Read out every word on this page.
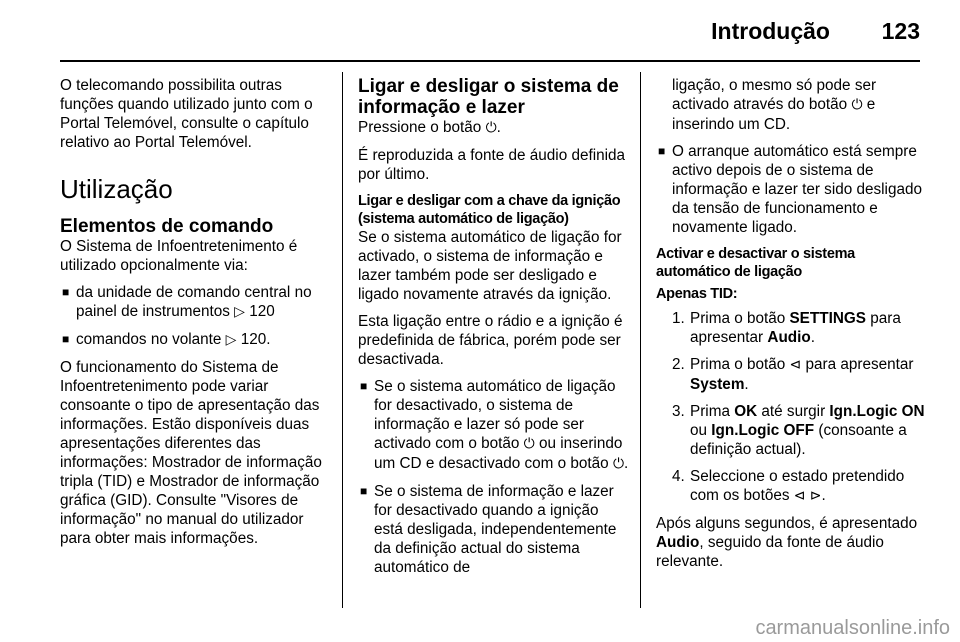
Introdução 123

O telecomando possibilita outras funções quando utilizado junto com o Portal Telemóvel, consulte o capítulo relativo ao Portal Telemóvel.

Utilização
Elementos de comando

O Sistema de Infoentretenimento é utilizado opcionalmente via:

■ da unidade de comando central no painel de instrumentos ▷ 120
■ comandos no volante ▷ 120.

O funcionamento do Sistema de Infoentretenimento pode variar consoante o tipo de apresentação das informações. Estão disponíveis duas apresentações diferentes das informações: Mostrador de informação tripla (TID) e Mostrador de informação gráfica (GID). Consulte "Visores de informação" no manual do utilizador para obter mais informações.

Ligar e desligar o sistema de informação e lazer

Pressione o botão ⏻.

É reproduzida a fonte de áudio definida por último.

Ligar e desligar com a chave da ignição (sistema automático de ligação)

Se o sistema automático de ligação for activado, o sistema de informação e lazer também pode ser desligado e ligado novamente através da ignição.

Esta ligação entre o rádio e a ignição é predefinida de fábrica, porém pode ser desactivada.

■ Se o sistema automático de ligação for desactivado, o sistema de informação e lazer só pode ser activado com o botão ⏻ ou inserindo um CD e desactivado com o botão ⏻.
■ Se o sistema de informação e lazer for desactivado quando a ignição está desligada, independentemente da definição actual do sistema automático de

ligação, o mesmo só pode ser activado através do botão ⏻ e inserindo um CD.

■ O arranque automático está sempre activo depois de o sistema de informação e lazer ter sido desligado da tensão de funcionamento e novamente ligado.
Activar e desactivar o sistema automático de ligação
Apenas TID:
1. Prima o botão SETTINGS para apresentar Audio.
2. Prima o botão ⊲ para apresentar System.
3. Prima OK até surgir Ign.Logic ON ou Ign.Logic OFF (consoante a definição actual).
4. Seleccione o estado pretendido com os botões ⊲ ⊳.

Após alguns segundos, é apresentado Audio, seguido da fonte de áudio relevante.

carmanualsonline.info
